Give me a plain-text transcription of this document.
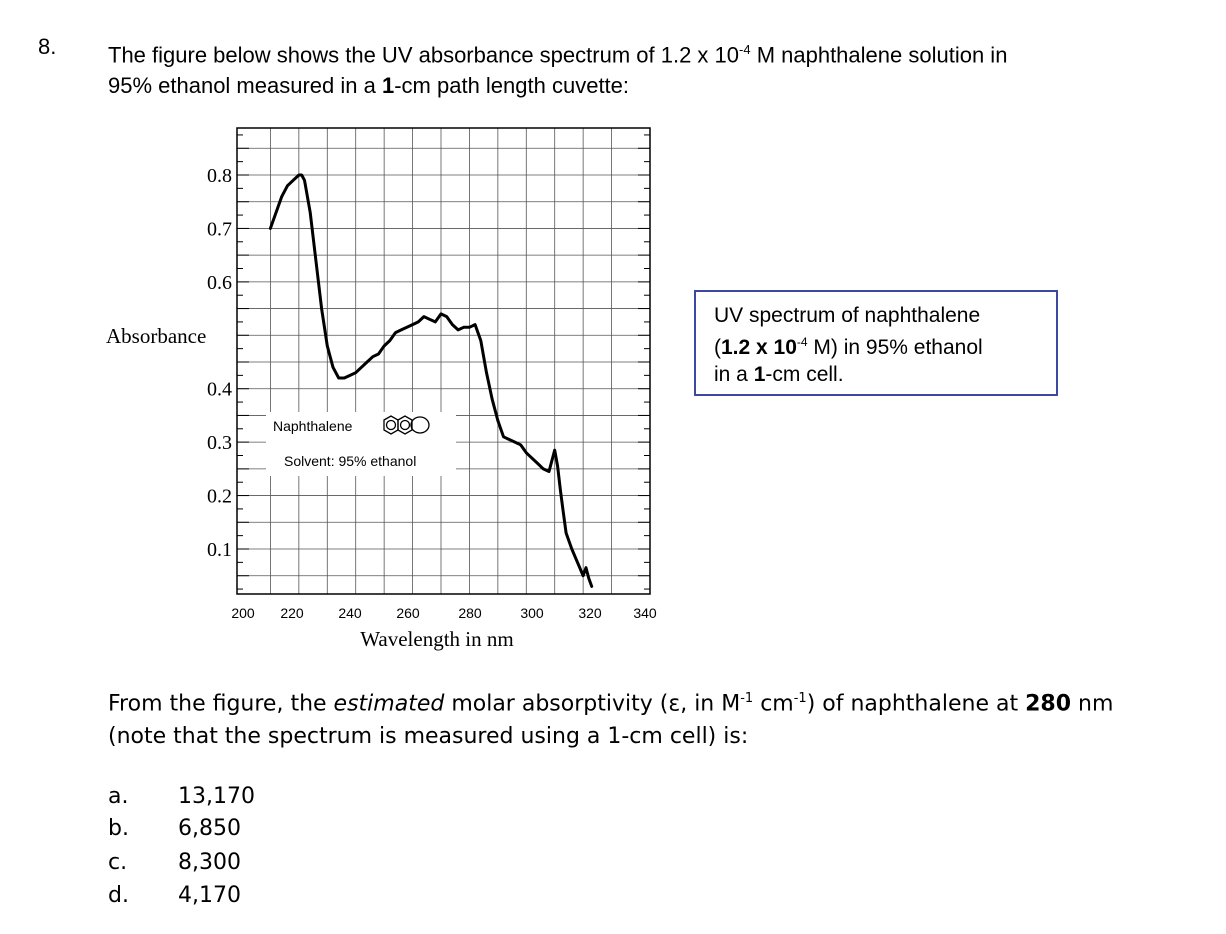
8. The figure below shows the UV absorbance spectrum of 1.2 x $10^{-4}$ M naphthalene solution in
95% ethanol measured in a 1-cm path length cuvette:
0.1
0.2
0.3
0.4
0.6
0.7
0.8
200 220 240 260	280	300 320 340
Wavelength in nm
Absorbance
Naphthalene
Solvent: 95% ethanol
UV spectrum of naphthalene
(1.2 x $10^{-4}$ M) in 95% ethanol
in a 1-cm cell.
From the figure, the estimated molar absorptivity (ε, in $M^{-1}$ $cm^{-1}$) of naphthalene at 280 nm
(note that the spectrum is measured using a 1-cm cell) is:
a. 13,170
b. 6,850
c. 8,300
d. 4,170
